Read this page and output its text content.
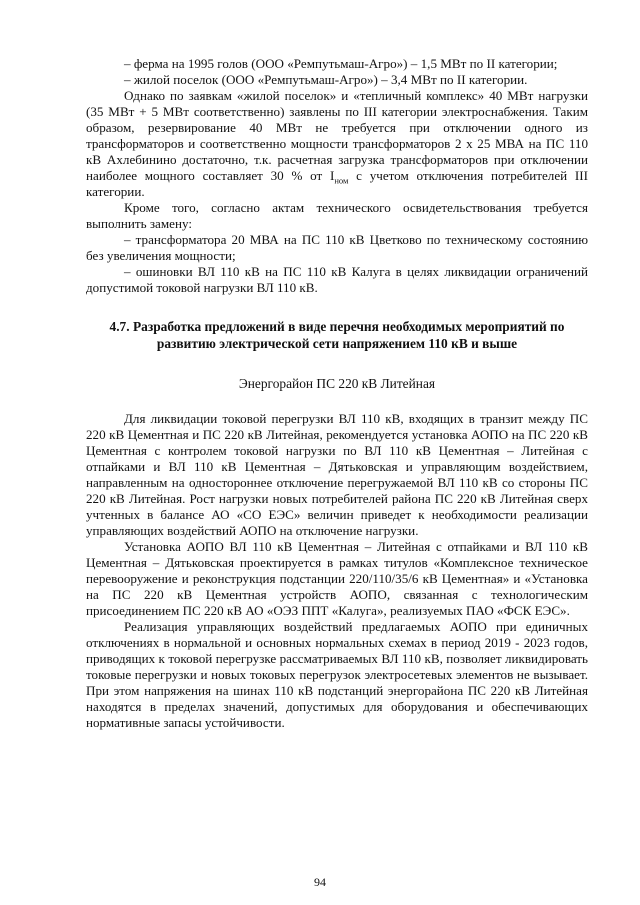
– ферма на 1995 голов (ООО «Ремпутьмаш-Агро») – 1,5 МВт по II категории;

– жилой поселок (ООО «Ремпутьмаш-Агро») – 3,4 МВт по II категории.

Однако по заявкам «жилой поселок» и «тепличный комплекс» 40 МВт нагрузки (35 МВт + 5 МВт соответственно) заявлены по III категории электроснабжения. Таким образом, резервирование 40 МВт не требуется при отключении одного из трансформаторов и соответственно мощности трансформаторов 2 х 25 МВА на ПС 110 кВ Ахлебинино достаточно, т.к. расчетная загрузка трансформаторов при отключении наиболее мощного составляет 30 % от $I_{ном}$ с учетом отключения потребителей III категории.

Кроме того, согласно актам технического освидетельствования требуется выполнить замену:

– трансформатора 20 МВА на ПС 110 кВ Цветково по техническому состоянию без увеличения мощности;

– ошиновки ВЛ 110 кВ на ПС 110 кВ Калуга в целях ликвидации ограничений допустимой токовой нагрузки ВЛ 110 кВ.

4.7. Разработка предложений в виде перечня необходимых мероприятий по развитию электрической сети напряжением 110 кВ и выше
Энергорайон ПС 220 кВ Литейная

Для ликвидации токовой перегрузки ВЛ 110 кВ, входящих в транзит между ПС 220 кВ Цементная и ПС 220 кВ Литейная, рекомендуется установка АОПО на ПС 220 кВ Цементная с контролем токовой нагрузки по ВЛ 110 кВ Цементная – Литейная с отпайками и ВЛ 110 кВ Цементная – Дятьковская и управляющим воздействием, направленным на одностороннее отключение перегружаемой ВЛ 110 кВ со стороны ПС 220 кВ Литейная. Рост нагрузки новых потребителей района ПС 220 кВ Литейная сверх учтенных в балансе АО «СО ЕЭС» величин приведет к необходимости реализации управляющих воздействий АОПО на отключение нагрузки.

Установка АОПО ВЛ 110 кВ Цементная – Литейная с отпайками и ВЛ 110 кВ Цементная – Дятьковская проектируется в рамках титулов «Комплексное техническое перевооружение и реконструкция подстанции 220/110/35/6 кВ Цементная» и «Установка на ПС 220 кВ Цементная устройств АОПО, связанная с технологическим присоединением ПС 220 кВ АО «ОЭЗ ППТ «Калуга», реализуемых ПАО «ФСК ЕЭС».

Реализация управляющих воздействий предлагаемых АОПО при единичных отключениях в нормальной и основных нормальных схемах в период 2019 - 2023 годов, приводящих к токовой перегрузке рассматриваемых ВЛ 110 кВ, позволяет ликвидировать токовые перегрузки и новых токовых перегрузок электросетевых элементов не вызывает. При этом напряжения на шинах 110 кВ подстанций энергорайона ПС 220 кВ Литейная находятся в пределах значений, допустимых для оборудования и обеспечивающих нормативные запасы устойчивости.

94
